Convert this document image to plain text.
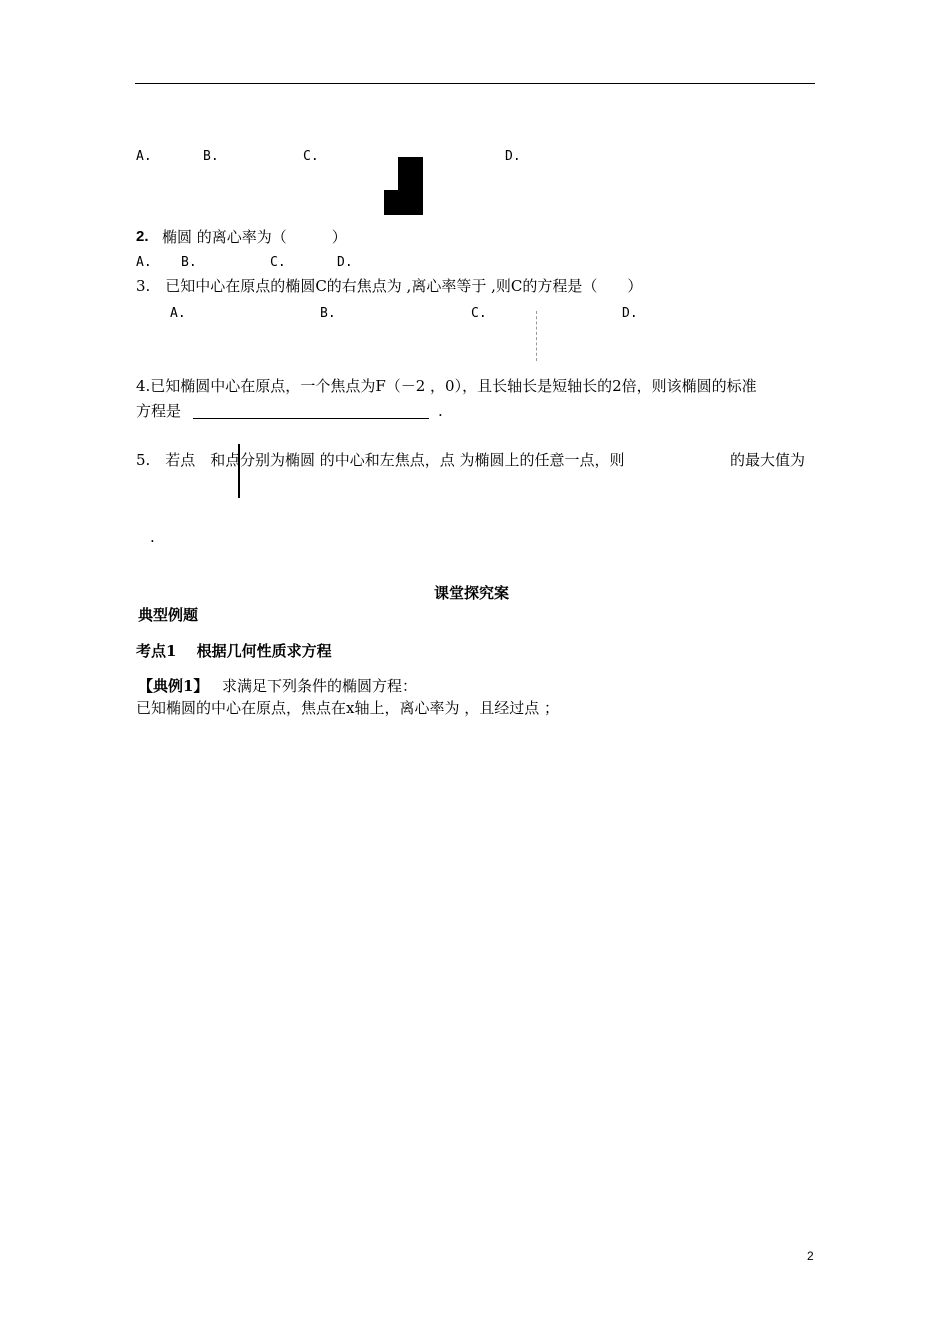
A.	B.	C.	D.
2. 椭圆 的离心率为（　　　）
A. B.	C.	D.
3.　已知中心在原点的椭圆C的右焦点为 ,离心率等于 ,则C的方程是（　　）
A.	B.	C.	D.
4.已知椭圆中心在原点，一个焦点为F（－2 ，0），且长轴长是短轴长的2倍，则该椭圆的标准
方程是	.
5.　若点　和点 分别为椭圆 的中心和左焦点，点 为椭圆上的任意一点，则	的最大值为
.
课堂探究案
典型例题
考点1　 根据几何性质求方程
【典例1】 求满足下列条件的椭圆方程：
已知椭圆的中心在原点，焦点在x轴上，离心率为 ，且经过点 ；
2
